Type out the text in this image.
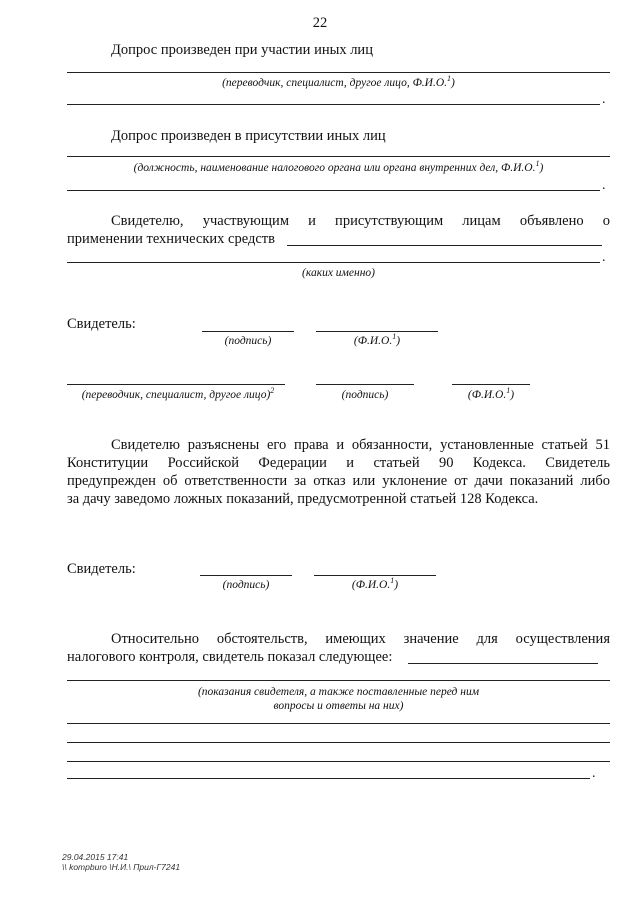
22
Допрос произведен при участии иных лиц
(переводчик, специалист, другое лицо, Ф.И.О.$^1$)
.
Допрос произведен в присутствии иных лиц
(должность, наименование налогового органа или органа внутренних дел, Ф.И.О.$^1$)
.
Свидетелю, участвующим и присутствующим лицам объявлено о
применении технических средств
.
(каких именно)
Свидетель:
(подпись)	(Ф.И.О.$^1$)
(переводчик, специалист, другое лицо)$^2$	(подпись)	(Ф.И.О.$^1$)
Свидетелю разъяснены его права и обязанности, установленные статьей 51
Конституции Российской Федерации и статьей 90 Кодекса. Свидетель
предупрежден об ответственности за отказ или уклонение от дачи показаний либо
за дачу заведомо ложных показаний, предусмотренной статьей 128 Кодекса.
Свидетель:
(подпись)	(Ф.И.О.$^1$)
Относительно обстоятельств, имеющих значение для осуществления
налогового контроля, свидетель показал следующее:
(показания свидетеля, а также поставленные перед ним
вопросы и ответы на них)
.
29.04.2015 17:41
\\ kompburo \Н.И.\ Прил-Г7241
